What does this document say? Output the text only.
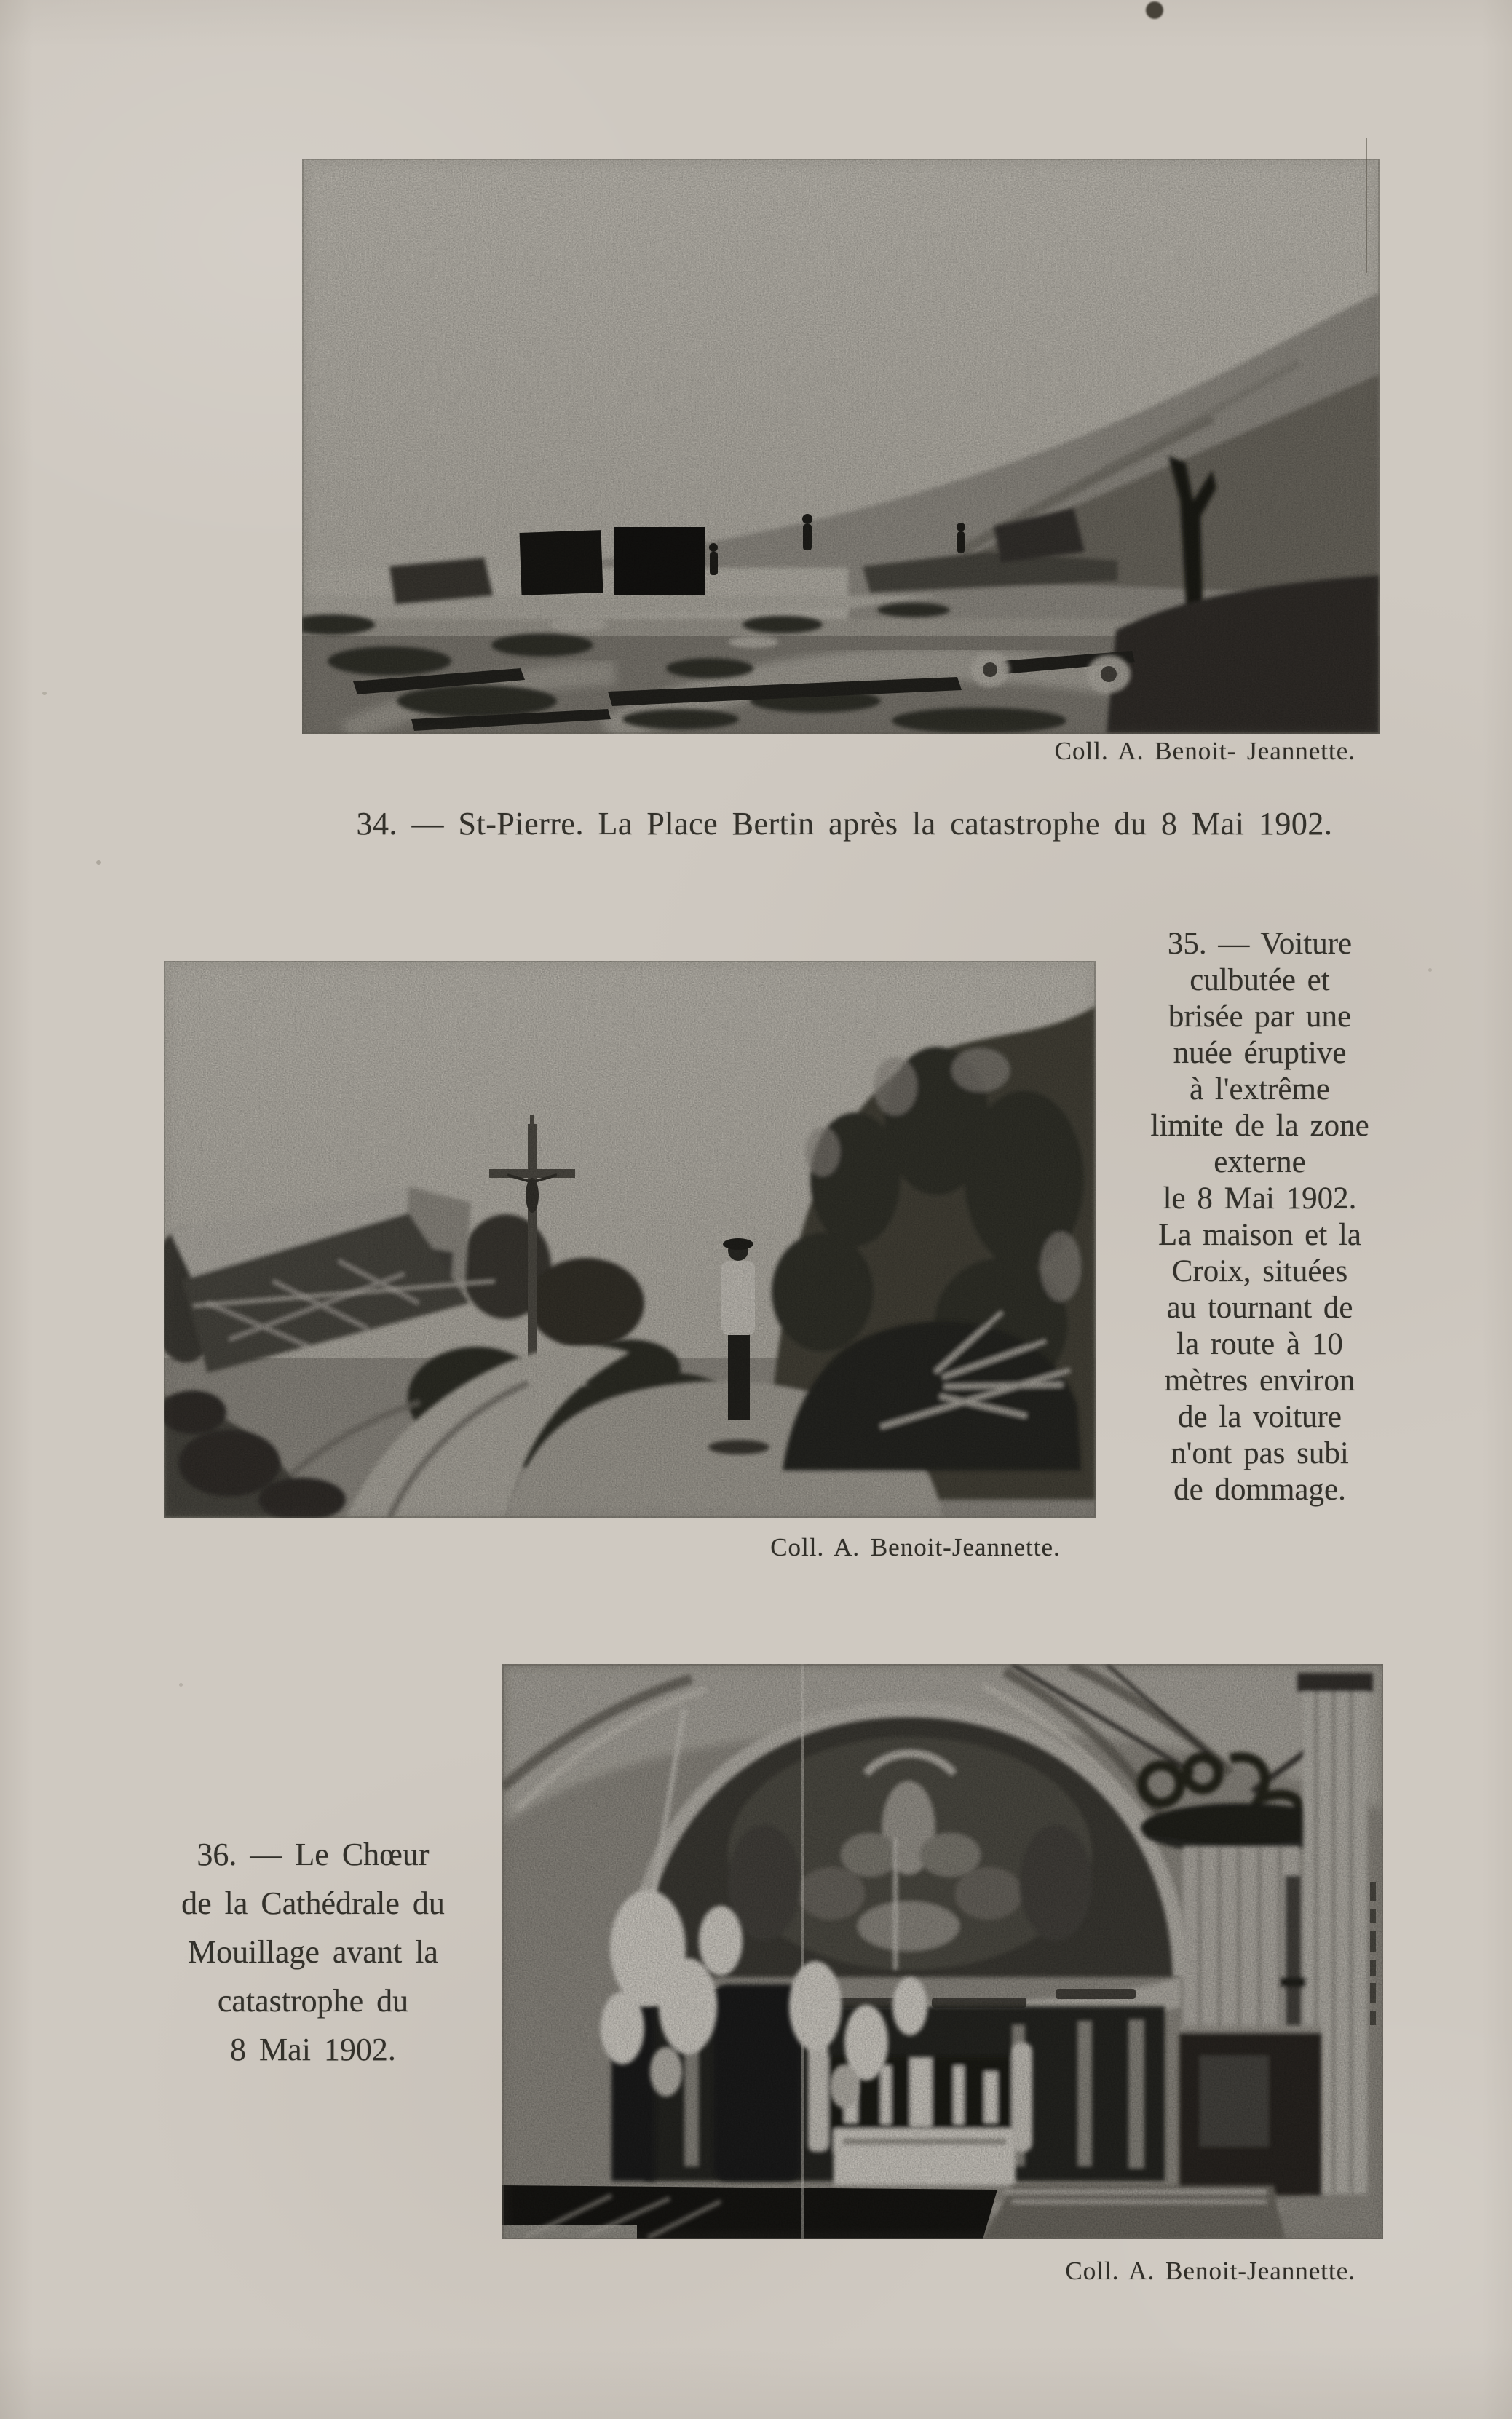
Coll. A. Benoit- Jeannette.
34. — St-Pierre. La Place Bertin après la catastrophe du 8 Mai 1902.
35. — Voiture
culbutée et
brisée par une
nuée éruptive
à l'extrême
limite de la zone
externe
le 8 Mai 1902.
La maison et la
Croix, situées
au tournant de
la route à 10
mètres environ
de la voiture
n'ont pas subi
de dommage.
Coll. A. Benoit-Jeannette.
36. — Le Chœur
de la Cathédrale du
Mouillage avant la
catastrophe du
8 Mai 1902.
Coll. A. Benoit-Jeannette.
